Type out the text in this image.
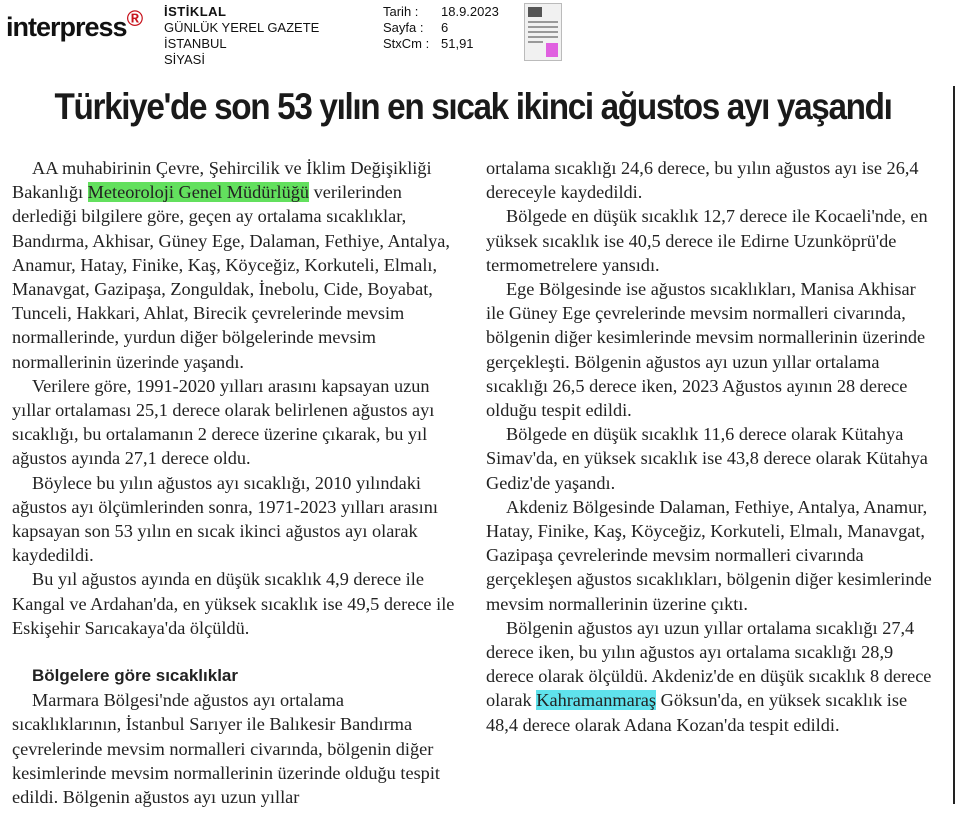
interpress® İSTİKLAL
GÜNLÜK YEREL GAZETE
İSTANBUL
SİYASİ
Tarih : 18.9.2023
Sayfa : 6
StxCm : 51,91
Türkiye'de son 53 yılın en sıcak ikinci ağustos ayı yaşandı

AA muhabirinin Çevre, Şehircilik ve İklim Değişikliği Bakanlığı Meteoroloji Genel Müdürlüğü verilerinden derlediği bilgilere göre, geçen ay ortalama sıcaklıklar, Bandırma, Akhisar, Güney Ege, Dalaman, Fethiye, Antalya, Anamur, Hatay, Finike, Kaş, Köyceğiz, Korkuteli, Elmalı, Manavgat, Gazipaşa, Zonguldak, İnebolu, Cide, Boyabat, Tunceli, Hakkari, Ahlat, Birecik çevrelerinde mevsim normallerinde, yurdun diğer bölgelerinde mevsim normallerinin üzerinde yaşandı.

Verilere göre, 1991-2020 yılları arasını kapsayan uzun yıllar ortalaması 25,1 derece olarak belirlenen ağustos ayı sıcaklığı, bu ortalamanın 2 derece üzerine çıkarak, bu yıl ağustos ayında 27,1 derece oldu.

Böylece bu yılın ağustos ayı sıcaklığı, 2010 yılındaki ağustos ayı ölçümlerinden sonra, 1971-2023 yılları arasını kapsayan son 53 yılın en sıcak ikinci ağustos ayı olarak kaydedildi.

Bu yıl ağustos ayında en düşük sıcaklık 4,9 derece ile Kangal ve Ardahan'da, en yüksek sıcaklık ise 49,5 derece ile Eskişehir Sarıcakaya'da ölçüldü.

Bölgelere göre sıcaklıklar

Marmara Bölgesi'nde ağustos ayı ortalama sıcaklıklarının, İstanbul Sarıyer ile Balıkesir Bandırma çevrelerinde mevsim normalleri civarında, bölgenin diğer kesimlerinde mevsim normallerinin üzerinde olduğu tespit edildi. Bölgenin ağustos ayı uzun yıllar

ortalama sıcaklığı 24,6 derece, bu yılın ağustos ayı ise 26,4 dereceyle kaydedildi.

Bölgede en düşük sıcaklık 12,7 derece ile Kocaeli'nde, en yüksek sıcaklık ise 40,5 derece ile Edirne Uzunköprü'de termometrelere yansıdı.

Ege Bölgesinde ise ağustos sıcaklıkları, Manisa Akhisar ile Güney Ege çevrelerinde mevsim normalleri civarında, bölgenin diğer kesimlerinde mevsim normallerinin üzerinde gerçekleşti. Bölgenin ağustos ayı uzun yıllar ortalama sıcaklığı 26,5 derece iken, 2023 Ağustos ayının 28 derece olduğu tespit edildi.

Bölgede en düşük sıcaklık 11,6 derece olarak Kütahya Simav'da, en yüksek sıcaklık ise 43,8 derece olarak Kütahya Gediz'de yaşandı.

Akdeniz Bölgesinde Dalaman, Fethiye, Antalya, Anamur, Hatay, Finike, Kaş, Köyceğiz, Korkuteli, Elmalı, Manavgat, Gazipaşa çevrelerinde mevsim normalleri civarında gerçekleşen ağustos sıcaklıkları, bölgenin diğer kesimlerinde mevsim normallerinin üzerine çıktı.

Bölgenin ağustos ayı uzun yıllar ortalama sıcaklığı 27,4 derece iken, bu yılın ağustos ayı ortalama sıcaklığı 28,9 derece olarak ölçüldü. Akdeniz'de en düşük sıcaklık 8 derece olarak Kahramanmaraş Göksun'da, en yüksek sıcaklık ise 48,4 derece olarak Adana Kozan'da tespit edildi.
